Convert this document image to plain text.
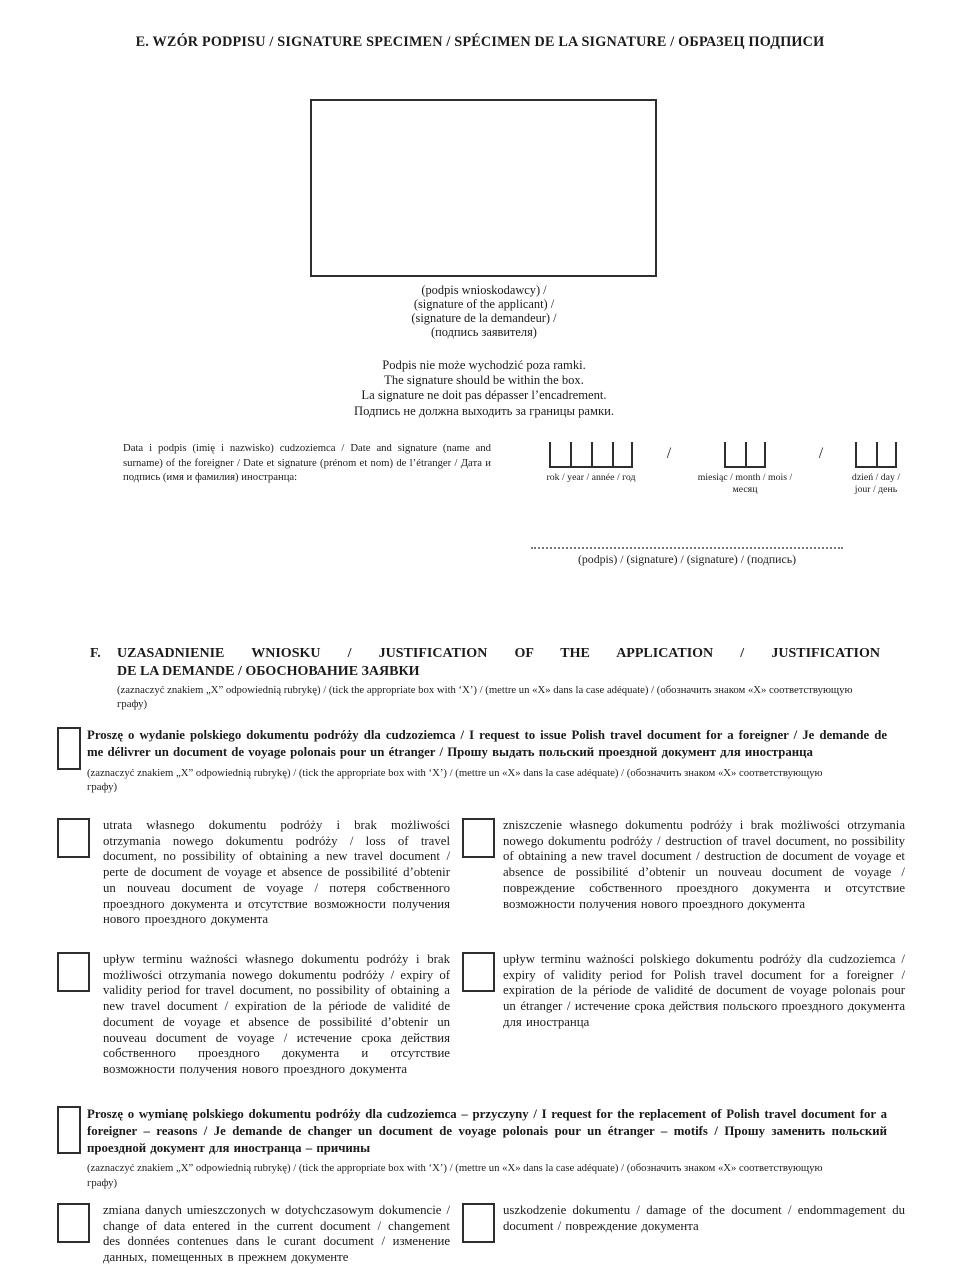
E. WZÓR PODPISU / SIGNATURE SPECIMEN / SPÉCIMEN DE LA SIGNATURE / ОБРАЗЕЦ ПОДПИСИ
(podpis wnioskodawcy) /
(signature of the applicant) /
(signature de la demandeur) /
(подпись заявителя)
Podpis nie może wychodzić poza ramki.
The signature should be within the box.
La signature ne doit pas dépasser l’encadrement.
Подпись не должна выходить за границы рамки.
Data i podpis (imię i nazwisko) cudzoziemca / Date and signature (name and surname) of the foreigner / Date et signature (prénom et nom) de l’étranger / Дата и подпись (имя и фамилия) иностранца:	rok / year / année / год
/
miesiąc / month / mois / месяц
/
dzień / day / jour / день
(podpis) / (signature) / (signature) / (подпись)
F.	UZASADNIENIE WNIOSKU / JUSTIFICATION OF THE APPLICATION / JUSTIFICATION
DE LA DEMANDE / ОБОСНОВАНИЕ ЗАЯВКИ
(zaznaczyć znakiem „X” odpowiednią rubrykę) / (tick the appropriate box with ‘X’) / (mettre un «X» dans la case adéquate) / (обозначить знаком «X» соответствующую графу)
Proszę o wydanie polskiego dokumentu podróży dla cudzoziemca / I request to issue Polish travel document for a foreigner / Je demande de me délivrer un document de voyage polonais pour un étranger / Прошу выдать польский проездной документ для иностранца
(zaznaczyć znakiem „X” odpowiednią rubrykę) / (tick the appropriate box with ‘X’) / (mettre un «X» dans la case adéquate) / (обозначить знаком «X» соответствующую графу)
utrata własnego dokumentu podróży i brak możliwości otrzymania nowego dokumentu podróży / loss of travel document, no possibility of obtaining a new travel document / perte de document de voyage et absence de possibilité d’obtenir un nouveau document de voyage / потеря собственного проездного документа и отсутствие возможности получения нового проездного документа
zniszczenie własnego dokumentu podróży i brak możliwości otrzymania nowego dokumentu podróży / destruction of travel document, no possibility of obtaining a new travel document / destruction de document de voyage et absence de possibilité d’obtenir un nouveau document de voyage / повреждение собственного проездного документа и отсутствие возможности получения нового проездного документа
upływ terminu ważności własnego dokumentu podróży i brak możliwości otrzymania nowego dokumentu podróży / expiry of validity period for travel document, no possibility of obtaining a new travel document / expiration de la période de validité de document de voyage et absence de possibilité d’obtenir un nouveau document de voyage / истечение срока действия собственного проездного документа и отсутствие возможности получения нового проездного документа
upływ terminu ważności polskiego dokumentu podróży dla cudzoziemca / expiry of validity period for Polish travel document for a foreigner / expiration de la période de validité de document de voyage polonais pour un étranger / истечение срока действия польского проездного документа для иностранца
Proszę o wymianę polskiego dokumentu podróży dla cudzoziemca – przyczyny / I request for the replacement of Polish travel document for a foreigner – reasons / Je demande de changer un document de voyage polonais pour un étranger – motifs / Прошу заменить польский проездной документ для иностранца – причины
(zaznaczyć znakiem „X” odpowiednią rubrykę) / (tick the appropriate box with ‘X’) / (mettre un «X» dans la case adéquate) / (обозначить знаком «X» соответствующую графу)
zmiana danych umieszczonych w dotychczasowym dokumencie / change of data entered in the current document / changement des données contenues dans le curant document / изменение данных, помещенных в прежнем документе
uszkodzenie dokumentu / damage of the document / endommagement du document / повреждение документа
